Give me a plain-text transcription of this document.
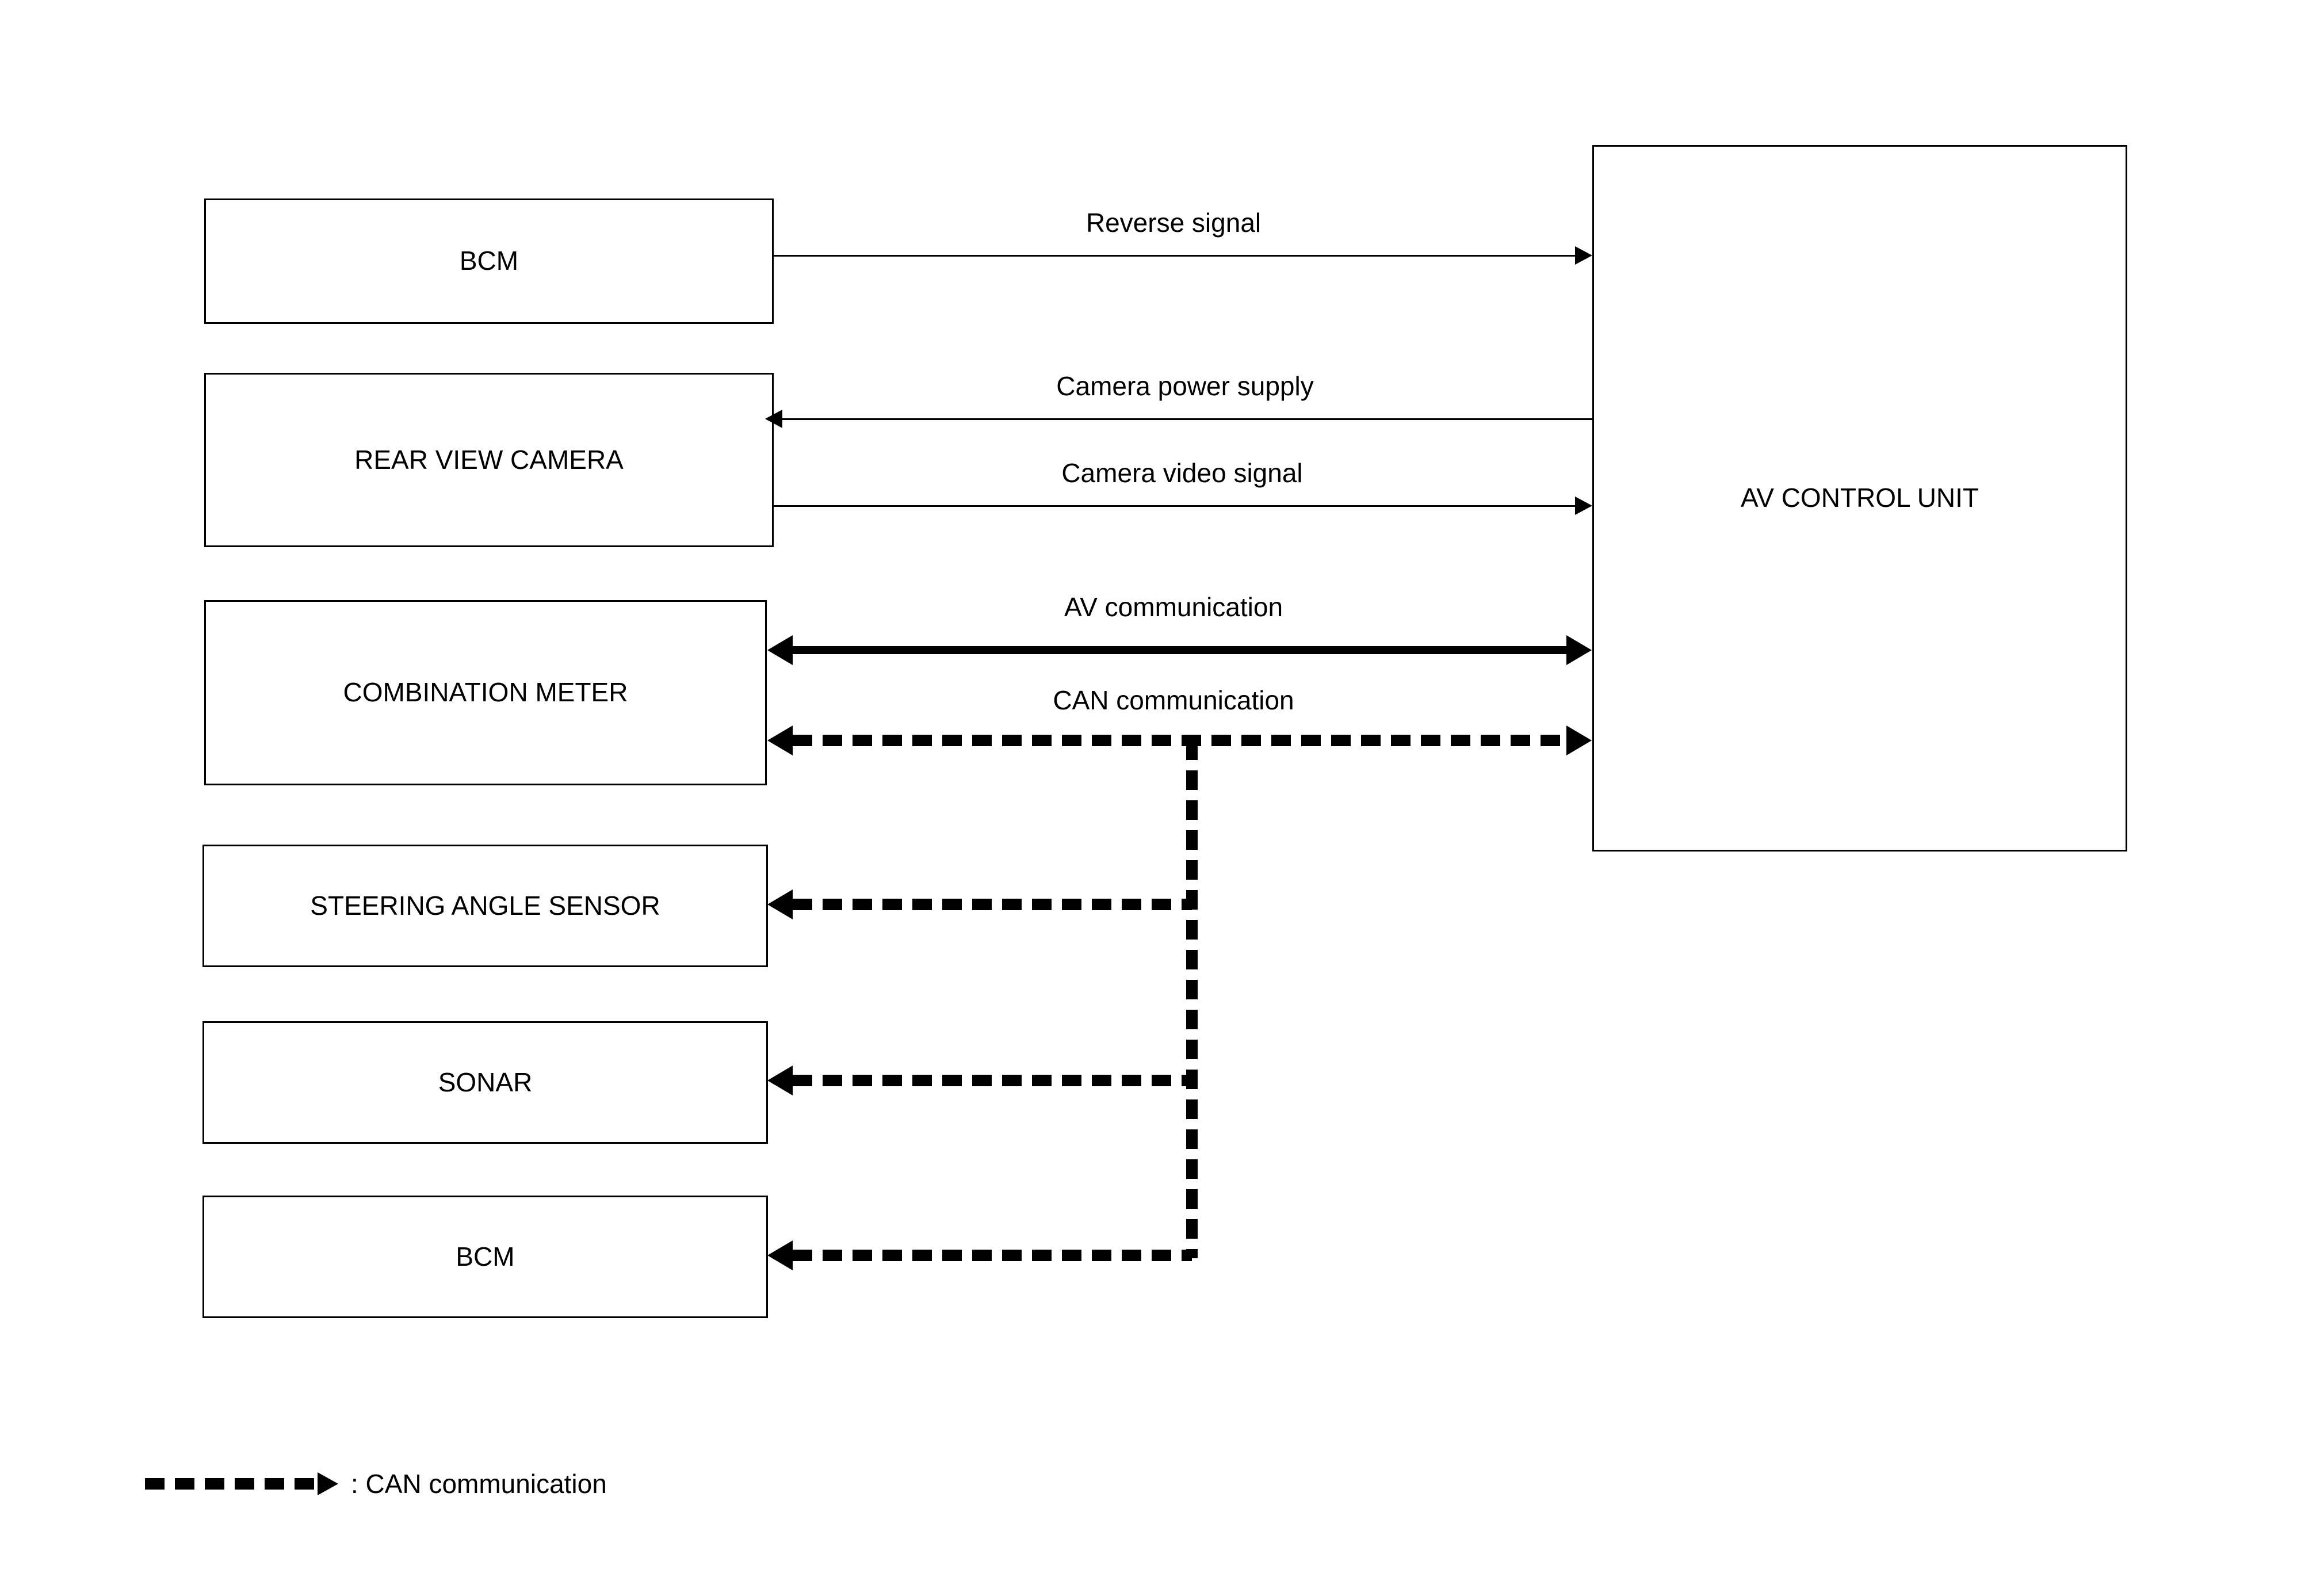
BCM
REAR VIEW CAMERA
COMBINATION METER
STEERING ANGLE SENSOR
SONAR
BCM
AV CONTROL UNIT
Reverse signal
Camera power supply
Camera video signal
AV communication
CAN communication
: CAN communication
